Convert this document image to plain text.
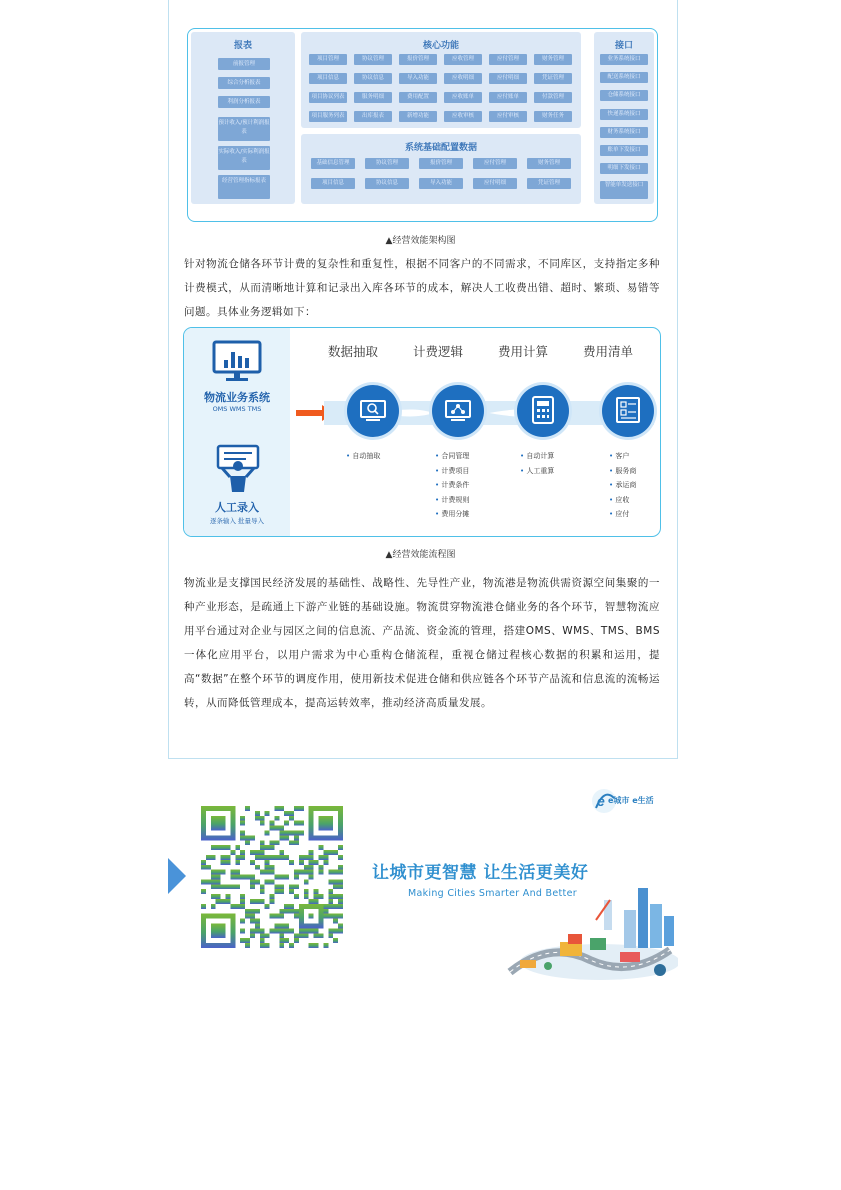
报表
前报管理
综合分析报表
利润分析报表
预计收入/预计利润报表
实际收入/实际利润报表
经营管理指标报表
核心功能
项目管理	协议管理	报价管理	应收管理	应付管理	财务管理
项目信息	协议信息	导入功能	应收明细	应付明细	凭证管理
项目协议列表	服务明细	费用配置	应收账单	应付账单	付款管理
项目服务列表	出库报表	新增功能	应收审核	应付审核	财务任务
系统基础配置数据
基础信息管理	协议管理	报价管理	应付管理	财务管理
项目信息	协议信息	导入功能	应付明细	凭证管理
接口
业务系统接口
配送系统接口
仓储系统接口
快递系统接口
财务系统接口
账单下发接口
明细下发接口
智能单发送接口
▲经营效能架构图
针对物流仓储各环节计费的复杂性和重复性，根据不同客户的不同需求，不同库区，支持指定多种计费模式，从而清晰地计算和记录出入库各环节的成本，解决人工收费出错、超时、繁琐、易错等问题。具体业务逻辑如下：
物流业务系统
OMS WMS TMS
人工录入
逐条输入 批量导入
数据抽取
• 自动抽取
计费逻辑
• 合同管理
• 计费项目
• 计费条件
• 计费规则
• 费用分摊
费用计算
• 自动计算
• 人工重算
费用清单
• 客户
• 服务商
• 承运商
• 应收
• 应付
▲经营效能流程图
物流业是支撑国民经济发展的基础性、战略性、先导性产业，物流港是物流供需资源空间集聚的一种产业形态，是疏通上下游产业链的基础设施。物流贯穿物流港仓储业务的各个环节，智慧物流应用平台通过对企业与园区之间的信息流、产品流、资金流的管理，搭建OMS、WMS、TMS、BMS一体化应用平台，以用户需求为中心重构仓储流程，重视仓储过程核心数据的积累和运用，提高“数据”在整个环节的调度作用，使用新技术促进仓储和供应链各个环节产品流和信息流的流畅运转，从而降低管理成本，提高运转效率，推动经济高质量发展。
e e城市 e生活
让城市更智慧 让生活更美好
Making Cities Smarter And Better
